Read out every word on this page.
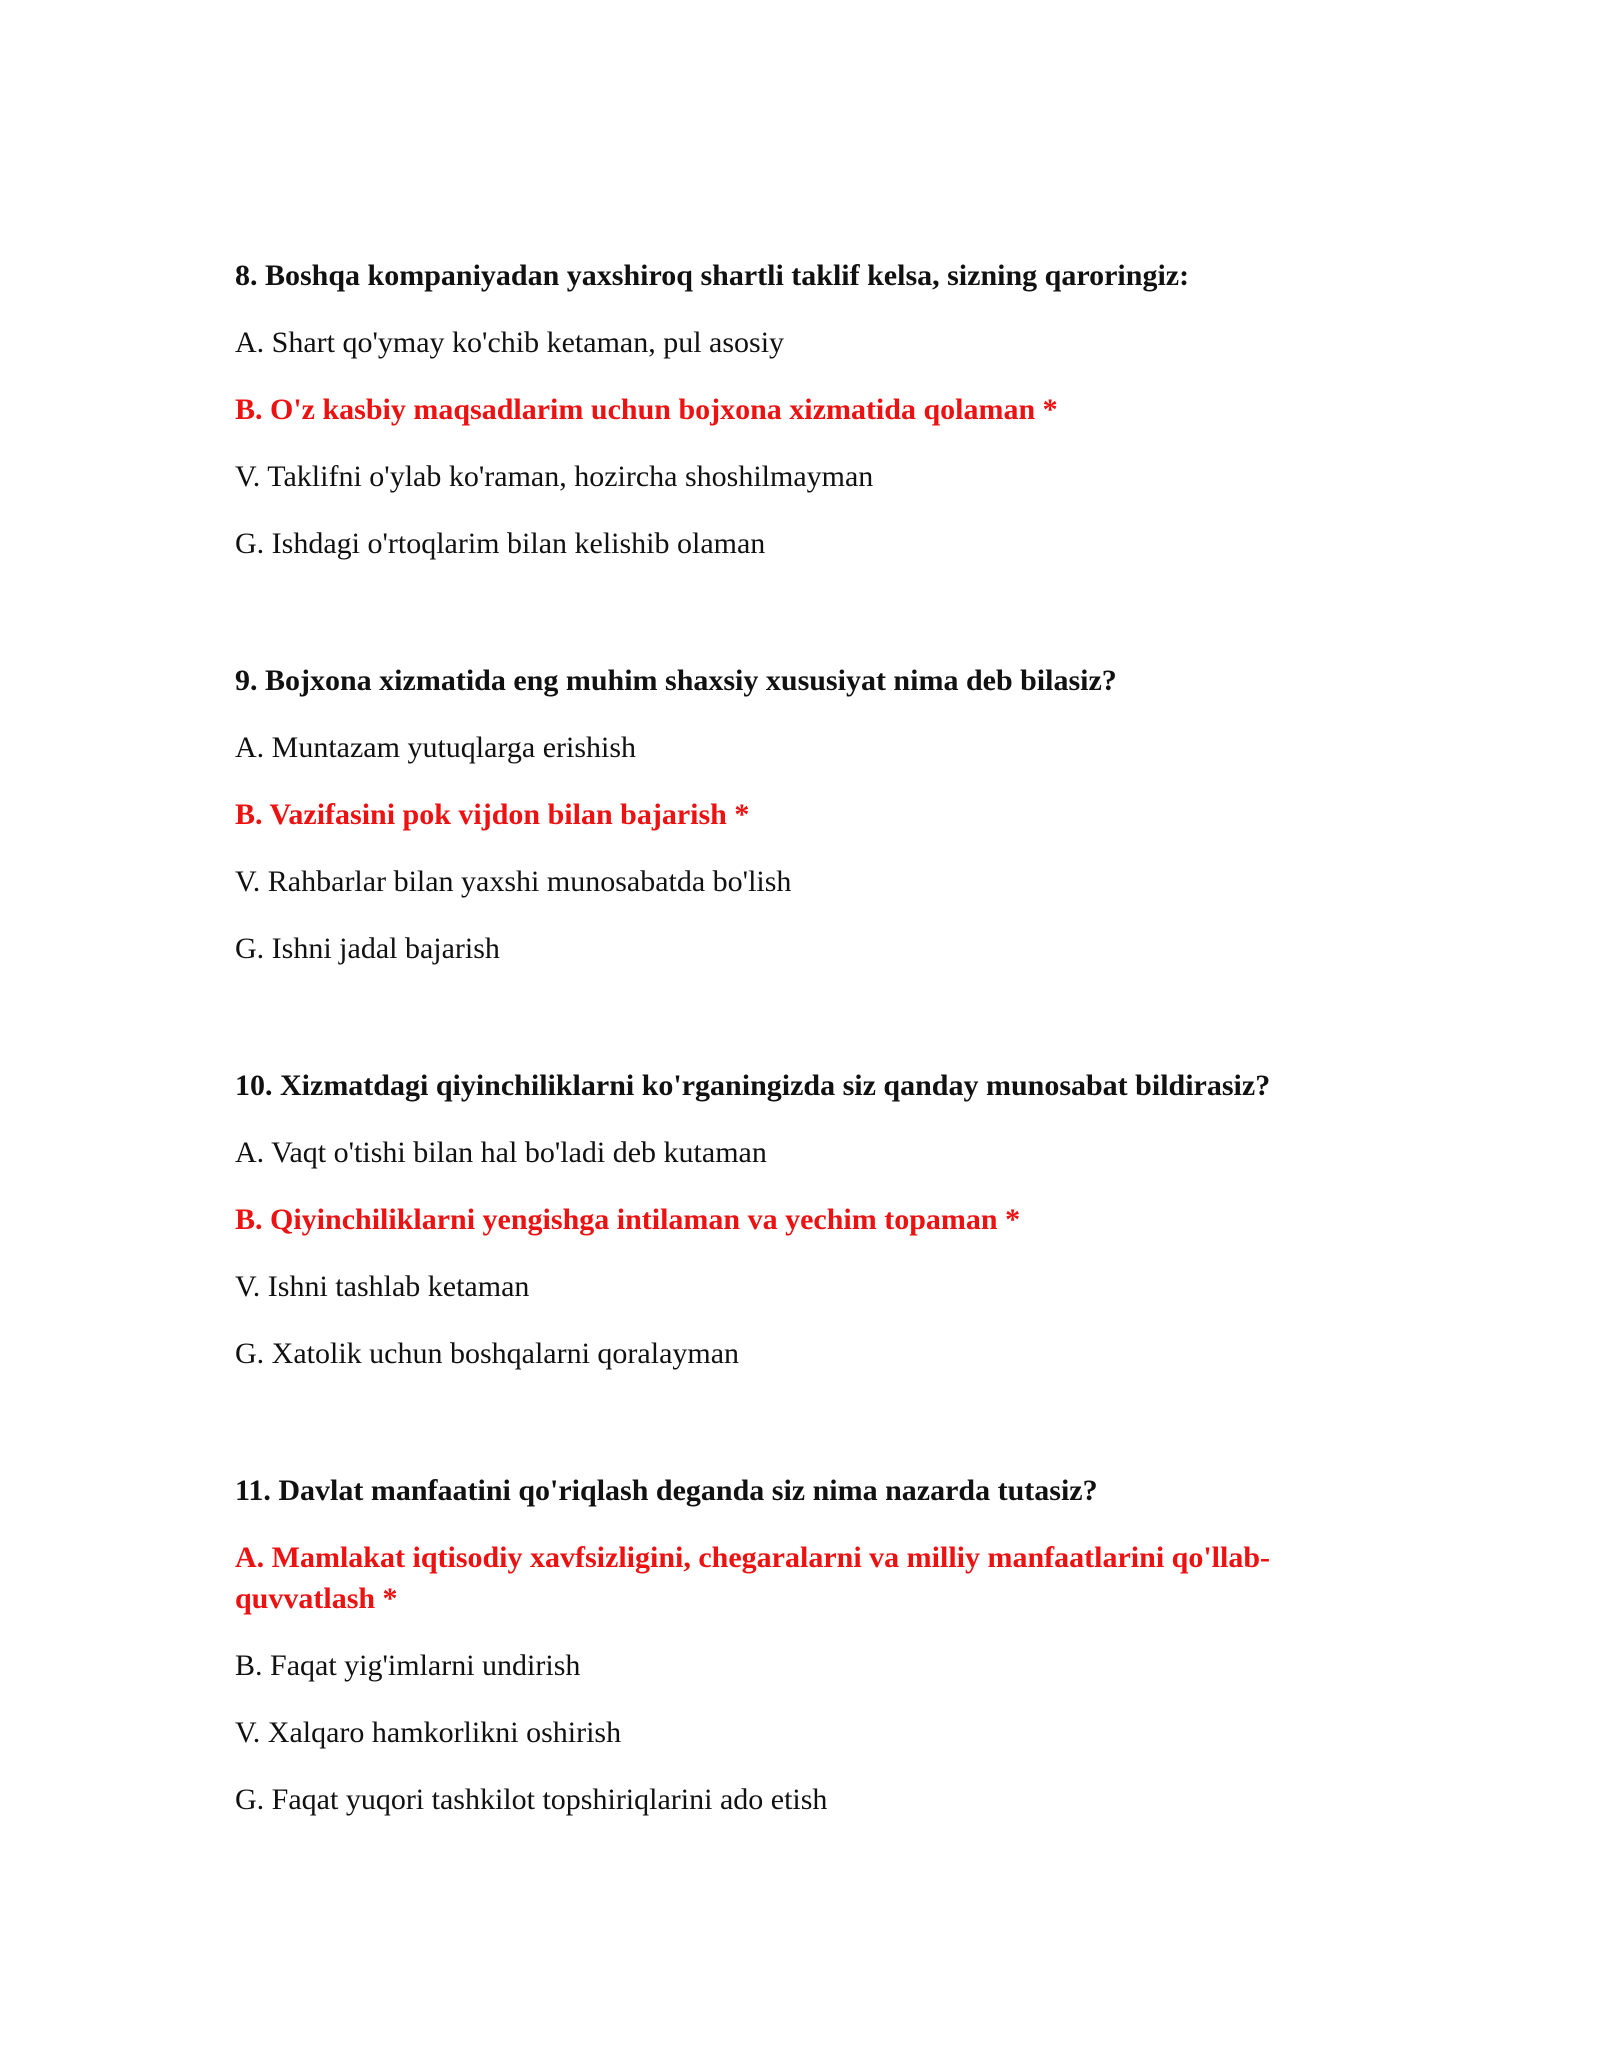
8. Boshqa kompaniyadan yaxshiroq shartli taklif kelsa, sizning qaroringiz:

A. Shart qo'ymay ko'chib ketaman, pul asosiy

B. O'z kasbiy maqsadlarim uchun bojxona xizmatida qolaman *

V. Taklifni o'ylab ko'raman, hozircha shoshilmayman

G. Ishdagi o'rtoqlarim bilan kelishib olaman

9. Bojxona xizmatida eng muhim shaxsiy xususiyat nima deb bilasiz?

A. Muntazam yutuqlarga erishish

B. Vazifasini pok vijdon bilan bajarish *

V. Rahbarlar bilan yaxshi munosabatda bo'lish

G. Ishni jadal bajarish

10. Xizmatdagi qiyinchiliklarni ko'rganingizda siz qanday munosabat bildirasiz?

A. Vaqt o'tishi bilan hal bo'ladi deb kutaman

B. Qiyinchiliklarni yengishga intilaman va yechim topaman *

V. Ishni tashlab ketaman

G. Xatolik uchun boshqalarni qoralayman

11. Davlat manfaatini qo'riqlash deganda siz nima nazarda tutasiz?

A. Mamlakat iqtisodiy xavfsizligini, chegaralarni va milliy manfaatlarini qo'llab-quvvatlash *

B. Faqat yig'imlarni undirish

V. Xalqaro hamkorlikni oshirish

G. Faqat yuqori tashkilot topshiriqlarini ado etish
